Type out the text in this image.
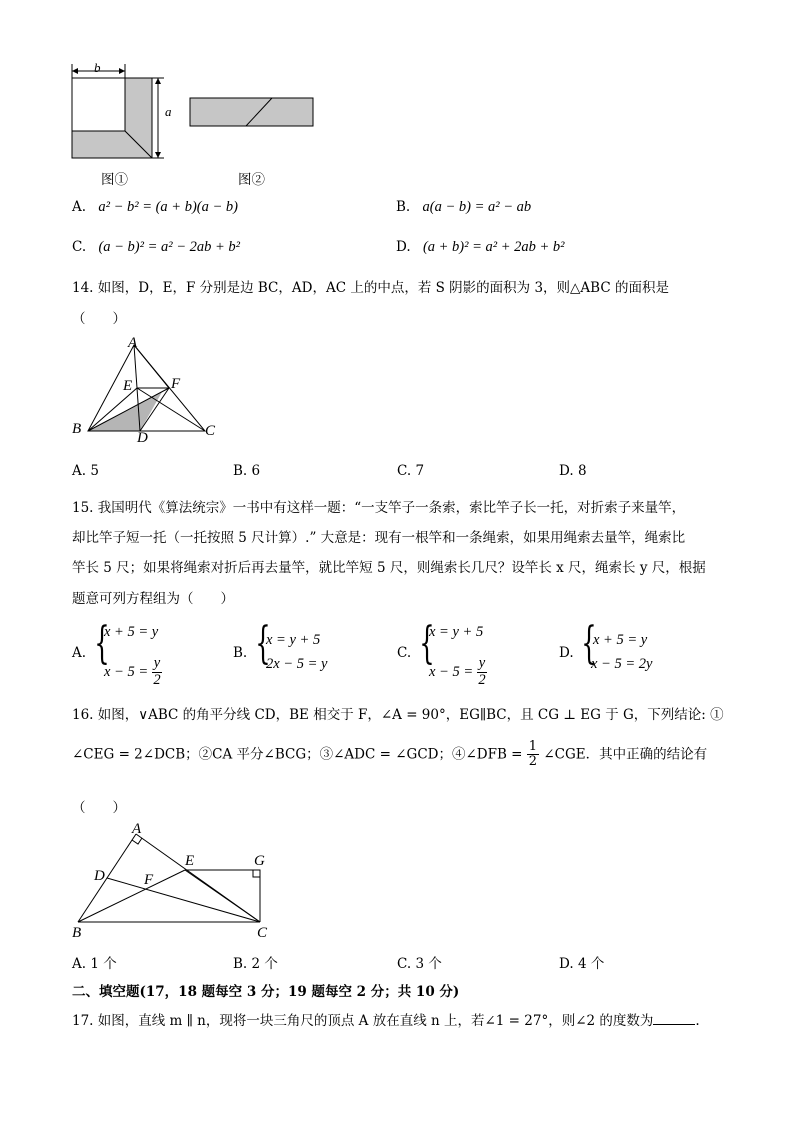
b
a
图①	图②
A. a² − b² = (a + b)(a − b)	B. a(a − b) = a² − ab
C. (a − b)² = a² − 2ab + b²	D. (a + b)² = a² + 2ab + b²
14. 如图，D，E，F 分别是边 BC，AD，AC 上的中点，若 S 阴影的面积为 3，则△ABC 的面积是
（　　）
A
E	F
B
D	C
A. 5	B. 6	C. 7	D. 8
15. 我国明代《算法统宗》一书中有这样一题：“一支竿子一条索，索比竿子长一托，对折索子来量竿，
却比竿子短一托（一托按照 5 尺计算）.” 大意是：现有一根竿和一条绳索，如果用绳索去量竿，绳索比
竿长 5 尺；如果将绳索对折后再去量竿，就比竿短 5 尺，则绳索长几尺？设竿长 x 尺，绳索长 y 尺，根据
题意可列方程组为（　　）
A. {
x + 5 = y
$x - 5 = \frac{y}{2}$
B. {
x = y + 5
2x − 5 = y
C. {
x = y + 5
$x - 5 = \frac{y}{2}$
D. {
x + 5 = y
x − 5 = 2y
16. 如图，∨ABC 的角平分线 CD，BE 相交于 F，∠A = 90°，EG∥BC，且 CG ⊥ EG 于 G，下列结论: ①
∠CEG = 2∠DCB；②CA 平分∠BCG；③∠ADC = ∠GCD；④∠DFB = $\frac{1}{2}$ ∠CGE．其中正确的结论有
（　　）
A
E	G
D	F
B	C
A. 1 个	B. 2 个	C. 3 个	D. 4 个
二、填空题(17，18 题每空 3 分；19 题每空 2 分；共 10 分)
17. 如图，直线 m ∥ n，现将一块三角尺的顶点 A 放在直线 n 上，若∠1 = 27°，则∠2 的度数为	.
